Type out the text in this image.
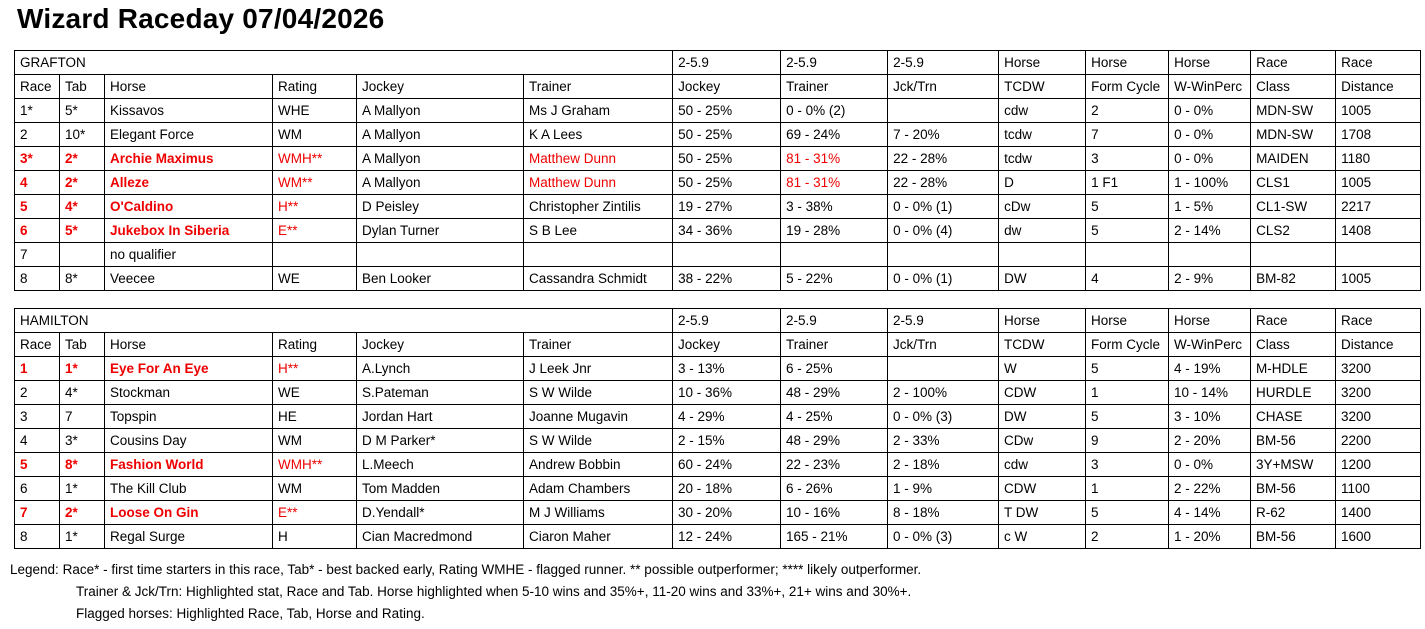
Wizard Raceday 07/04/2026
GRAFTON						2-5.9	2-5.9	2-5.9	Horse	Horse	Horse	Race	Race
Race	Tab	Horse	Rating	Jockey	Trainer	Jockey	Trainer	Jck/Trn	TCDW	Form Cycle	W-WinPerc	Class	Distance
1*	5*	Kissavos	WHE	A Mallyon	Ms J Graham	50 - 25%	0 - 0% (2)		cdw	2	0 - 0%	MDN-SW	1005
2	10*	Elegant Force	WM	A Mallyon	K A Lees	50 - 25%	69 - 24%	7 - 20%	tcdw	7	0 - 0%	MDN-SW	1708
3*	2*	Archie Maximus	WMH**	A Mallyon	Matthew Dunn	50 - 25%	81 - 31%	22 - 28%	tcdw	3	0 - 0%	MAIDEN	1180
4	2*	Alleze	WM**	A Mallyon	Matthew Dunn	50 - 25%	81 - 31%	22 - 28%	D	1 F1	1 - 100%	CLS1	1005
5	4*	O'Caldino	H**	D Peisley	Christopher Zintilis	19 - 27%	3 - 38%	0 - 0% (1)	cDw	5	1 - 5%	CL1-SW	2217
6	5*	Jukebox In Siberia	E**	Dylan Turner	S B Lee	34 - 36%	19 - 28%	0 - 0% (4)	dw	5	2 - 14%	CLS2	1408
7		no qualifier											
8	8*	Veecee	WE	Ben Looker	Cassandra Schmidt	38 - 22%	5 - 22%	0 - 0% (1)	DW	4	2 - 9%	BM-82	1005
HAMILTON						2-5.9	2-5.9	2-5.9	Horse	Horse	Horse	Race	Race
Race	Tab	Horse	Rating	Jockey	Trainer	Jockey	Trainer	Jck/Trn	TCDW	Form Cycle	W-WinPerc	Class	Distance
1	1*	Eye For An Eye	H**	A.Lynch	J Leek Jnr	3 - 13%	6 - 25%		W	5	4 - 19%	M-HDLE	3200
2	4*	Stockman	WE	S.Pateman	S W Wilde	10 - 36%	48 - 29%	2 - 100%	CDW	1	10 - 14%	HURDLE	3200
3	7	Topspin	HE	Jordan Hart	Joanne Mugavin	4 - 29%	4 - 25%	0 - 0% (3)	DW	5	3 - 10%	CHASE	3200
4	3*	Cousins Day	WM	D M Parker*	S W Wilde	2 - 15%	48 - 29%	2 - 33%	CDw	9	2 - 20%	BM-56	2200
5	8*	Fashion World	WMH**	L.Meech	Andrew Bobbin	60 - 24%	22 - 23%	2 - 18%	cdw	3	0 - 0%	3Y+MSW	1200
6	1*	The Kill Club	WM	Tom Madden	Adam Chambers	20 - 18%	6 - 26%	1 - 9%	CDW	1	2 - 22%	BM-56	1100
7	2*	Loose On Gin	E**	D.Yendall*	M J Williams	30 - 20%	10 - 16%	8 - 18%	T DW	5	4 - 14%	R-62	1400
8	1*	Regal Surge	H	Cian Macredmond	Ciaron Maher	12 - 24%	165 - 21%	0 - 0% (3)	c W	2	1 - 20%	BM-56	1600
Legend: Race* - first time starters in this race, Tab* - best backed early, Rating WMHE - flagged runner. ** possible outperformer; **** likely outperformer.
Trainer & Jck/Trn: Highlighted stat, Race and Tab. Horse highlighted when 5-10 wins and 35%+, 11-20 wins and 33%+, 21+ wins and 30%+.
Flagged horses: Highlighted Race, Tab, Horse and Rating.
